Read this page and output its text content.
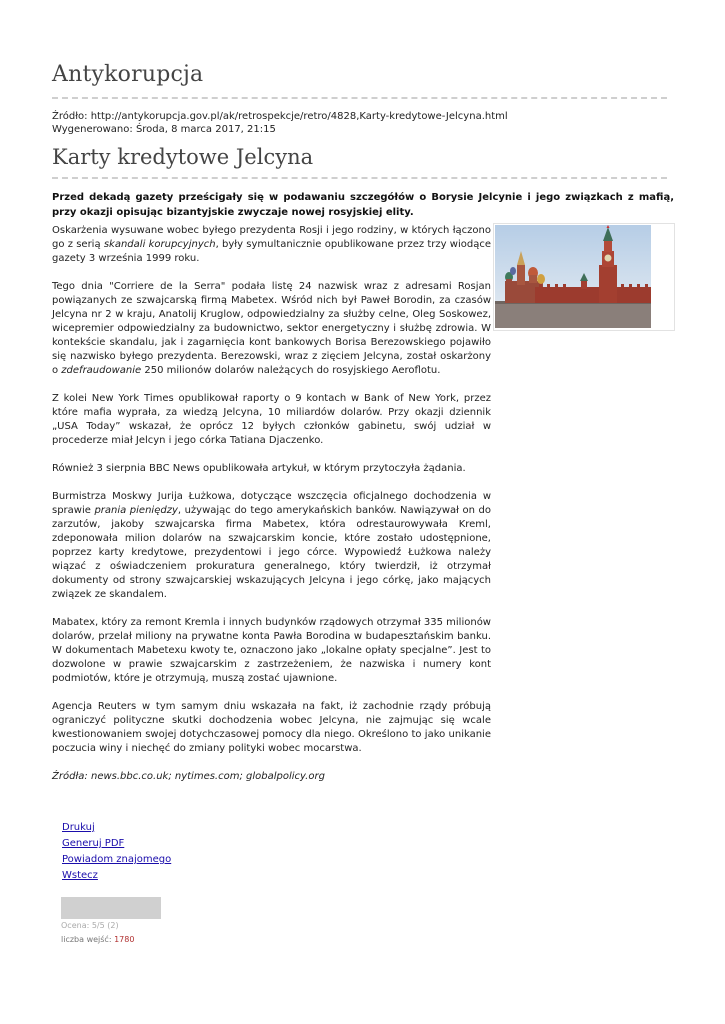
Antykorupcja
Źródło: http://antykorupcja.gov.pl/ak/retrospekcje/retro/4828,Karty-kredytowe-Jelcyna.html
Wygenerowano: Środa, 8 marca 2017, 21:15
Karty kredytowe Jelcyna
Przed dekadą gazety prześcigały się w podawaniu szczegółów o Borysie Jelcynie i jego związkach z mafią, przy okazji opisując bizantyjskie zwyczaje nowej rosyjskiej elity.

Oskarżenia wysuwane wobec byłego prezydenta Rosji i jego rodziny, w których łączono go z serią skandali korupcyjnych, były symultanicznie opublikowane przez trzy wiodące gazety 3 września 1999 roku.

Tego dnia "Corriere de la Serra" podała listę 24 nazwisk wraz z adresami Rosjan powiązanych ze szwajcarską firmą Mabetex. Wśród nich był Paweł Borodin, za czasów Jelcyna nr 2 w kraju, Anatolij Kruglow, odpowiedzialny za służby celne, Oleg Soskowez, wicepremier odpowiedzialny za budownictwo, sektor energetyczny i służbę zdrowia. W kontekście skandalu, jak i zagarnięcia kont bankowych Borisa Berezowskiego pojawiło się nazwisko byłego prezydenta. Berezowski, wraz z zięciem Jelcyna, został oskarżony o zdefraudowanie 250 milionów dolarów należących do rosyjskiego Aeroflotu.

Z kolei New York Times opublikował raporty o 9 kontach w Bank of New York, przez które mafia wyprała, za wiedzą Jelcyna, 10 miliardów dolarów. Przy okazji dziennik „USA Today” wskazał, że oprócz 12 byłych członków gabinetu, swój udział w procederze miał Jelcyn i jego córka Tatiana Djaczenko.

Również 3 sierpnia BBC News opublikowała artykuł, w którym przytoczyła żądania.

Burmistrza Moskwy Jurija Łużkowa, dotyczące wszczęcia oficjalnego dochodzenia w sprawie prania pieniędzy, używając do tego amerykańskich banków. Nawiązywał on do zarzutów, jakoby szwajcarska firma Mabetex, która odrestaurowywała Kreml, zdeponowała milion dolarów na szwajcarskim koncie, które zostało udostępnione, poprzez karty kredytowe, prezydentowi i jego córce. Wypowiedź Łużkowa należy wiązać z oświadczeniem prokuratura generalnego, który twierdził, iż otrzymał dokumenty od strony szwajcarskiej wskazujących Jelcyna i jego córkę, jako mających związek ze skandalem.

Mabatex, który za remont Kremla i innych budynków rządowych otrzymał 335 milionów dolarów, przelał miliony na prywatne konta Pawła Borodina w budapesztańskim banku. W dokumentach Mabetexu kwoty te, oznaczono jako „lokalne opłaty specjalne”. Jest to dozwolone w prawie szwajcarskim z zastrzeżeniem, że nazwiska i numery kont podmiotów, które je otrzymują, muszą zostać ujawnione.

Agencja Reuters w tym samym dniu wskazała na fakt, iż zachodnie rządy próbują ograniczyć polityczne skutki dochodzenia wobec Jelcyna, nie zajmując się wcale kwestionowaniem swojej dotychczasowej pomocy dla niego. Określono to jako unikanie poczucia winy i niechęć do zmiany polityki wobec mocarstwa.

Źródła: news.bbc.co.uk; nytimes.com; globalpolicy.org
Drukuj
Generuj PDF
Powiadom znajomego
Wstecz
Ocena: 5/5 (2)
liczba wejść: 1780
